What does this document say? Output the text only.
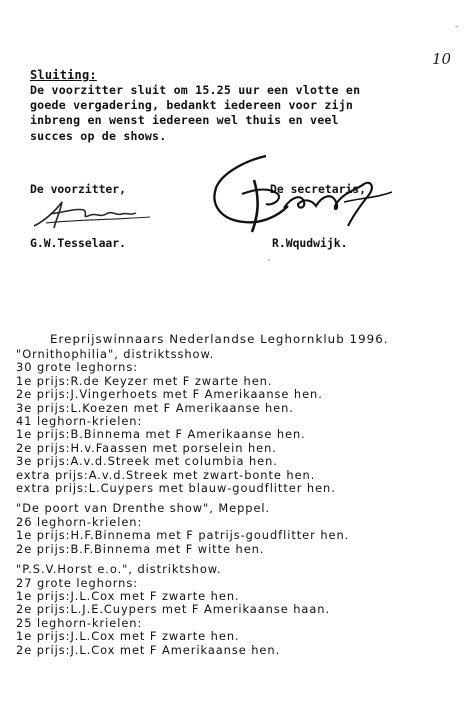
˘
10
Sluiting:
De voorzitter sluit om 15.25 uur een vlotte en
goede vergadering, bedankt iedereen voor zijn
inbreng en wenst iedereen wel thuis en veel
succes op de shows.
De voorzitter,
G.W.Tesselaar.
De secretaris,
˙
R.Wqudwijk.
Ereprijswinnaars Nederlandse Leghornklub 1996.
"Ornithophilia", distriktsshow.
30 grote leghorns:
1e prijs:R.de Keyzer met F zwarte hen.
2e prijs:J.Vingerhoets met F Amerikaanse hen.
3e prijs:L.Koezen met F Amerikaanse hen.
41 leghorn-krielen:
1e prijs:B.Binnema met F Amerikaanse hen.
2e prijs:H.v.Faassen met porselein hen.
3e prijs:A.v.d.Streek met columbia hen.
extra prijs:A.v.d.Streek met zwart-bonte hen.
extra prijs:L.Cuypers met blauw-goudflitter hen.
"De poort van Drenthe show", Meppel.
26 leghorn-krielen:
1e prijs:H.F.Binnema met F patrijs-goudflitter hen.
2e prijs:B.F.Binnema met F witte hen.
"P.S.V.Horst e.o.", distriktshow.
27 grote leghorns:
1e prijs:J.L.Cox met F zwarte hen.
2e prijs:L.J.E.Cuypers met F Amerikaanse haan.
25 leghorn-krielen:
1e prijs:J.L.Cox met F zwarte hen.
2e prijs:J.L.Cox met F Amerikaanse hen.
